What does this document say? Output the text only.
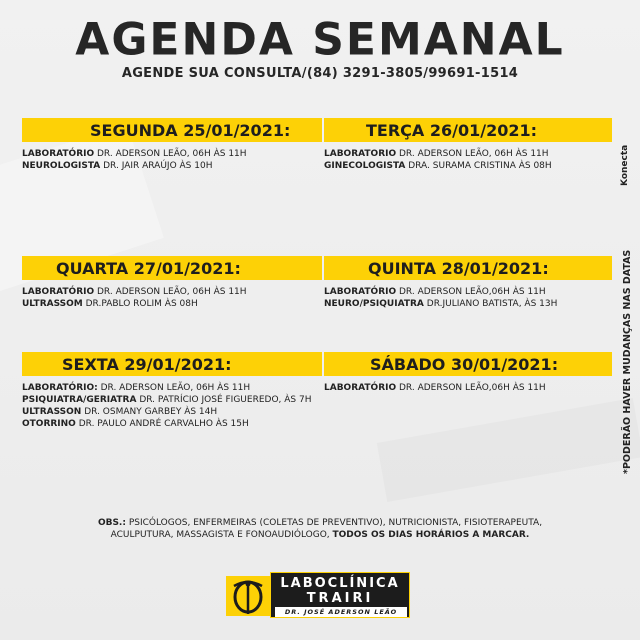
AGENDA SEMANAL
AGENDE SUA CONSULTA/(84) 3291-3805/99691-1514
Konecta
*PODERÃO HAVER MUDANÇAS NAS DATAS
SEGUNDA 25/01/2021:
LABORATÓRIO DR. ADERSON LEÃO, 06H ÀS 11H
NEUROLOGISTA DR. JAIR ARAÚJO ÀS 10H
TERÇA 26/01/2021:
LABORATORIO DR. ADERSON LEÃO, 06H ÀS 11H
GINECOLOGISTA DRA. SURAMA CRISTINA ÀS 08H
QUARTA 27/01/2021:
LABORATÓRIO DR. ADERSON LEÃO, 06H ÀS 11H
ULTRASSOM DR.PABLO ROLIM ÀS 08H
QUINTA 28/01/2021:
LABORATÓRIO DR. ADERSON LEÃO,06H ÀS 11H
NEURO/PSIQUIATRA DR.JULIANO BATISTA, ÀS 13H
SEXTA 29/01/2021:
LABORATÓRIO: DR. ADERSON LEÃO, 06H ÀS 11H
PSIQUIATRA/GERIATRA DR. PATRÍCIO JOSÉ FIGUEREDO, ÀS 7H
ULTRASSON DR. OSMANY GARBEY ÀS 14H
OTORRINO DR. PAULO ANDRÉ CARVALHO ÀS 15H
SÁBADO 30/01/2021:
LABORATÓRIO DR. ADERSON LEÃO,06H ÀS 11H
OBS.: PSICÓLOGOS, ENFERMEIRAS (COLETAS DE PREVENTIVO), NUTRICIONISTA, FISIOTERAPEUTA, ACULPUTURA, MASSAGISTA E FONOAUDIÓLOGO, TODOS OS DIAS HORÁRIOS A MARCAR.
LABOCLÍNICA
TRAIRI
DR. JOSÉ ADERSON LEÃO
